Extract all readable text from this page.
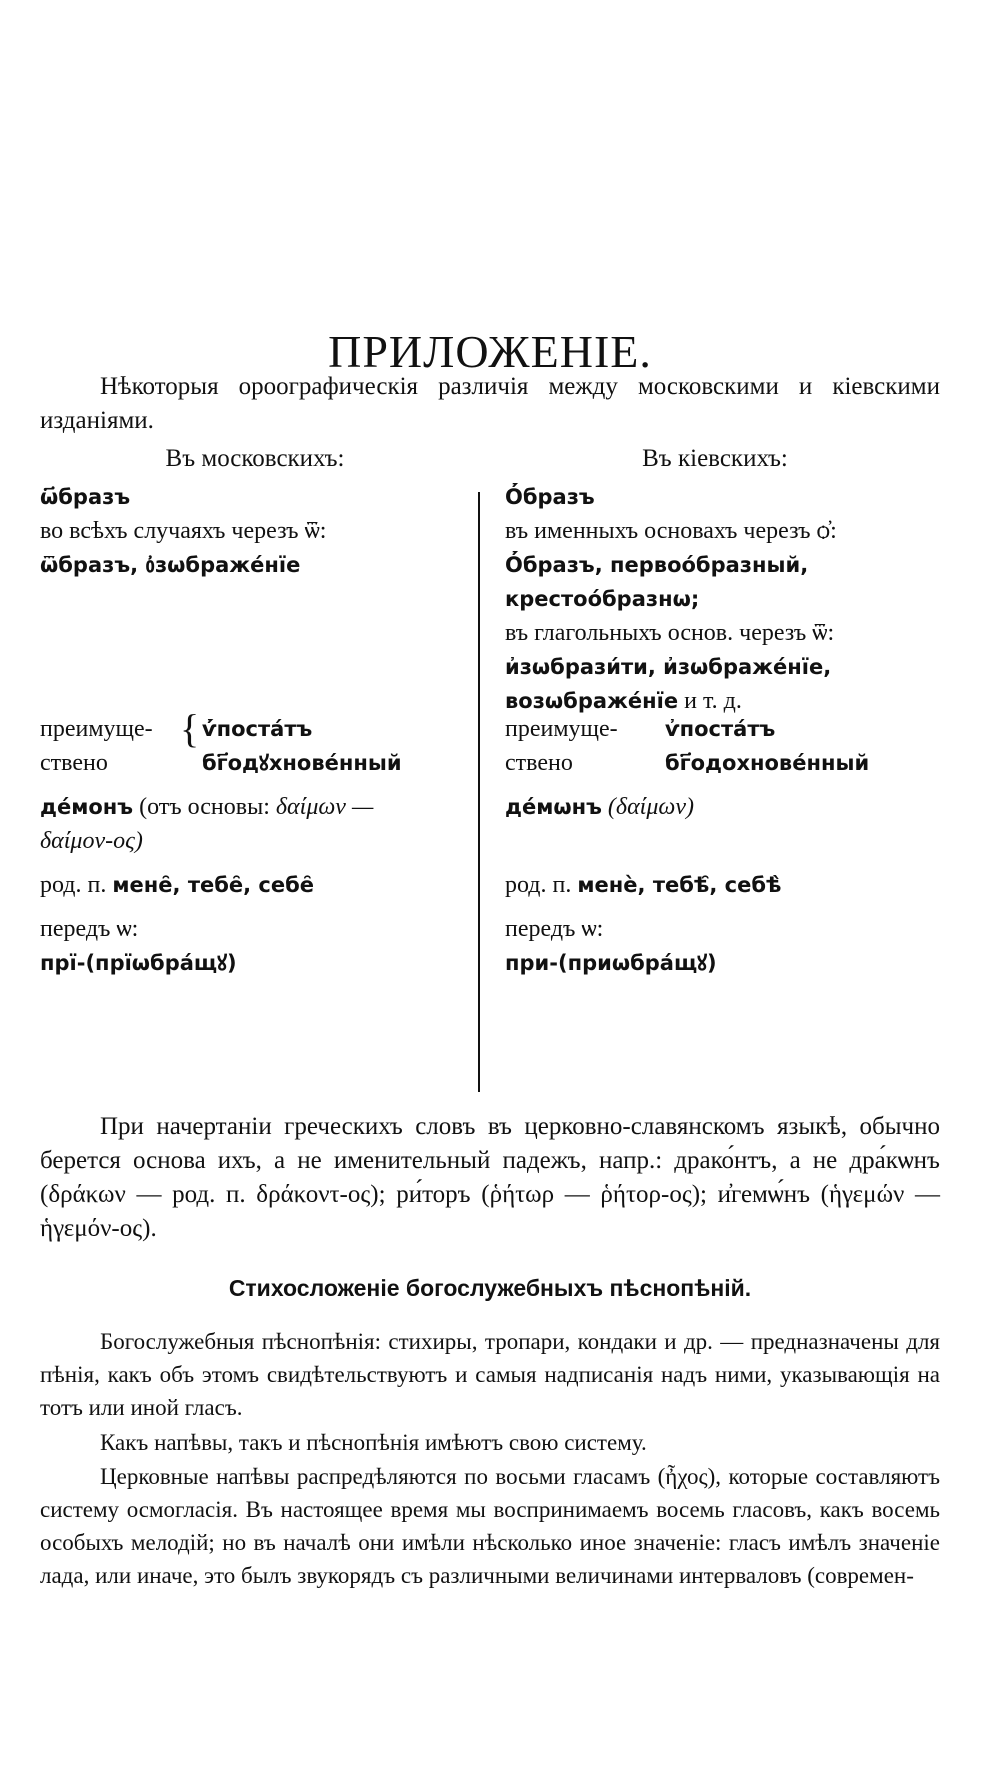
ПРИЛОЖЕНІЕ.
Нѣкоторыя ороографическія различія между московскими и кіевскими изданіями.
Въ московскихъ:	Въ кіевскихъ:
ѡ҃бразъ
во всѣхъ случаяхъ черезъ ѿ:
ѿбразъ, ᲂ҆зѡбраже́нїе
О҆́бразъ
въ именныхъ основахъ черезъ ѻ҆:
О҆́бразъ, первоо́бразный,
крестоо́бразнѡ;
въ глагольныхъ основ. черезъ ѿ:
и҆зѡбрази́ти, и҆зѡбраже́нїе,
возѡбраже́нїе и т. д.
преимуще-
ствено
{ ѵ҆́поста́тъ
бг҃одꙋхнове́нный
преимуще-
ствено
ѵ҆поста́тъ
бг҃одохнове́нный
де́монъ (отъ основы: δαίμων —
δαίμον-ος)
де́мѡнъ (δαίμων)
род. п. мене̑, тебе̑, себе̑	род. п. менѐ, тебѣ̑, себѣ̀
передъ ѡ:
прї-(прїѡбра́щꙋ)
передъ ѡ:
при-(приѡбра́щꙋ)
При начертаніи греческихъ словъ въ церковно-славянскомъ языкѣ, обычно берется основа ихъ, а не именительный падежъ, напр.: драко́нтъ, а не дра́кѡнъ (δράκων — род. п. δράκοντ-ος); ри́торъ (ῥήτωρ — ῥήτορ-ος); и҆гемѡ́нъ (ἡγεμών — ἡγεμόν-ος).
Стихосложеніе богослужебныхъ пѣснопѣній.
Богослужебныя пѣснопѣнія: стихиры, тропари, кондаки и др. — предназначены для пѣнія, какъ объ этомъ свидѣтельствуютъ и самыя надписанія надъ ними, указывающія на тотъ или иной гласъ.
Какъ напѣвы, такъ и пѣснопѣнія имѣютъ свою систему.
Церковные напѣвы распредѣляются по восьми гласамъ (ἦχος), которые составляютъ систему осмогласія. Въ настоящее время мы воспринимаемъ восемь гласовъ, какъ восемь особыхъ мелодій; но въ началѣ они имѣли нѣсколько иное значеніе: гласъ имѣлъ значеніе лада, или иначе, это былъ звукорядъ съ различными величинами интерваловъ (современ-
